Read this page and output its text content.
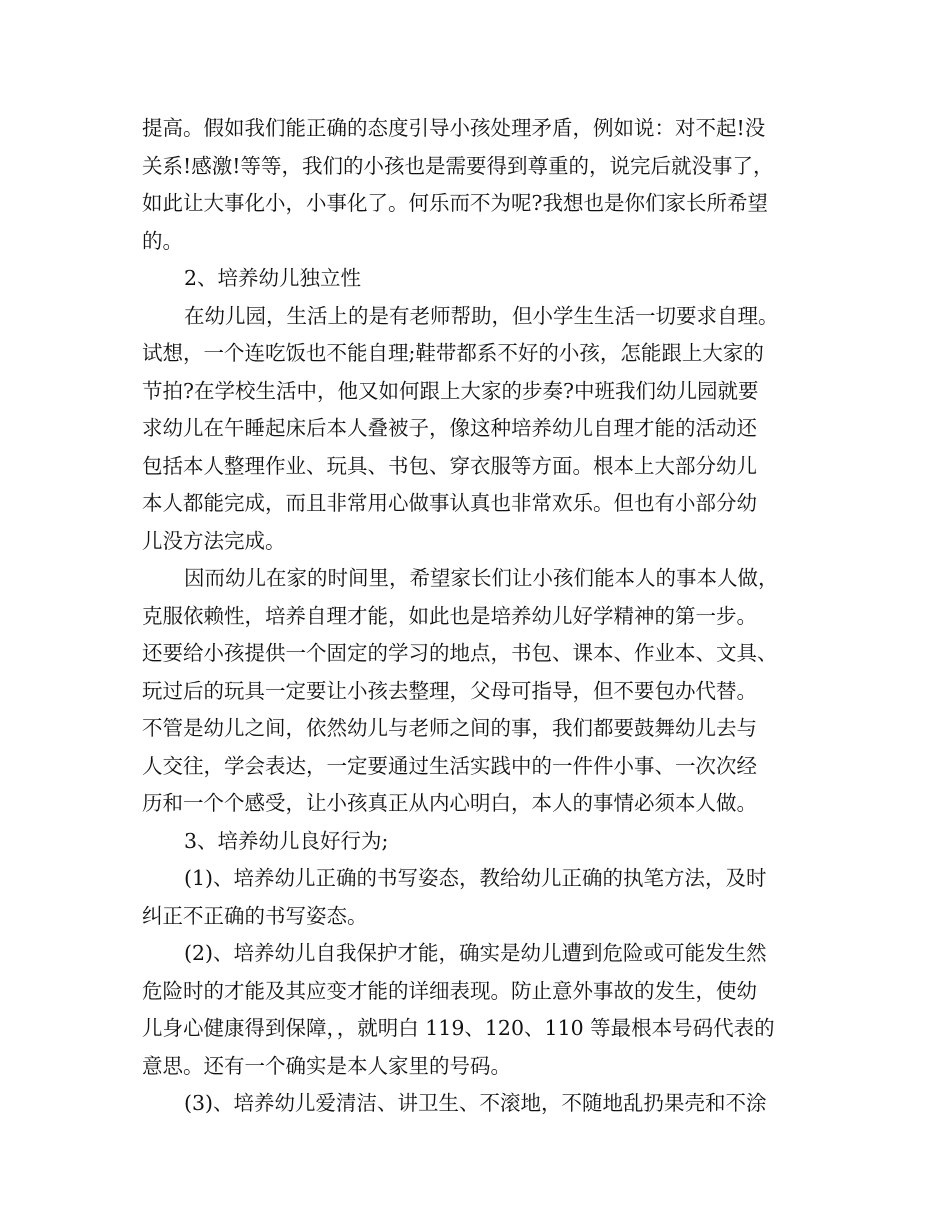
提高。假如我们能正确的态度引导小孩处理矛盾，例如说：对不起!没

关系!感激!等等，我们的小孩也是需要得到尊重的，说完后就没事了，

如此让大事化小，小事化了。何乐而不为呢?我想也是你们家长所希望

的。

2、培养幼儿独立性

在幼儿园，生活上的是有老师帮助，但小学生生活一切要求自理。

试想，一个连吃饭也不能自理;鞋带都系不好的小孩，怎能跟上大家的

节拍?在学校生活中，他又如何跟上大家的步奏?中班我们幼儿园就要

求幼儿在午睡起床后本人叠被子，像这种培养幼儿自理才能的活动还

包括本人整理作业、玩具、书包、穿衣服等方面。根本上大部分幼儿

本人都能完成，而且非常用心做事认真也非常欢乐。但也有小部分幼

儿没方法完成。

因而幼儿在家的时间里，希望家长们让小孩们能本人的事本人做，

克服依赖性，培养自理才能，如此也是培养幼儿好学精神的第一步。

还要给小孩提供一个固定的学习的地点，书包、课本、作业本、文具、

玩过后的玩具一定要让小孩去整理，父母可指导，但不要包办代替。

不管是幼儿之间，依然幼儿与老师之间的事，我们都要鼓舞幼儿去与

人交往，学会表达，一定要通过生活实践中的一件件小事、一次次经

历和一个个感受，让小孩真正从内心明白，本人的事情必须本人做。

3、培养幼儿良好行为;

(1)、培养幼儿正确的书写姿态，教给幼儿正确的执笔方法，及时

纠正不正确的书写姿态。

(2)、培养幼儿自我保护才能，确实是幼儿遭到危险或可能发生然

危险时的才能及其应变才能的详细表现。防止意外事故的发生，使幼

儿身心健康得到保障，，就明白 119、120、110 等最根本号码代表的

意思。还有一个确实是本人家里的号码。

(3)、培养幼儿爱清洁、讲卫生、不滚地，不随地乱扔果壳和不涂
